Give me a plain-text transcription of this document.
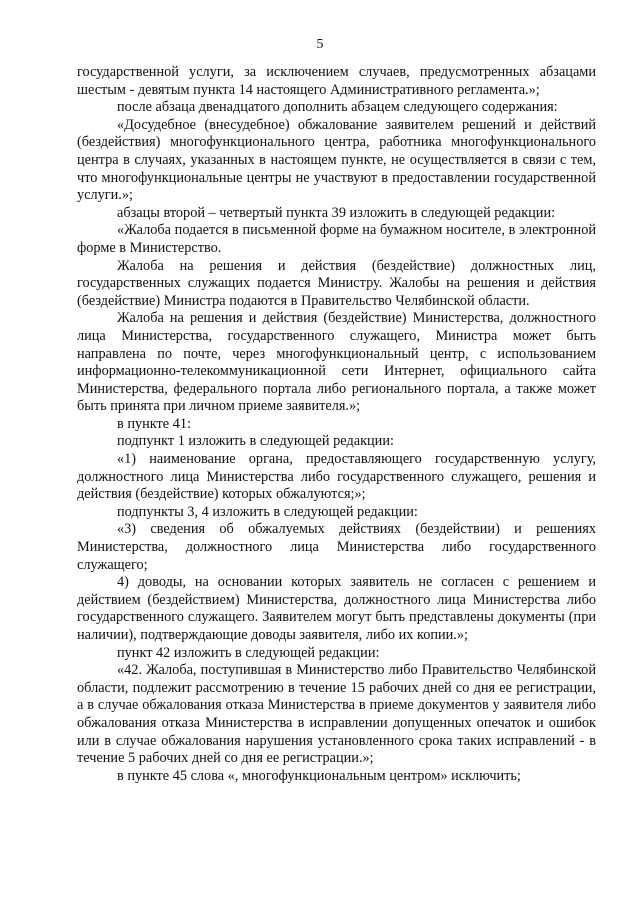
5

государственной услуги, за исключением случаев, предусмотренных абзацами шестым - девятым пункта 14 настоящего Административного регламента.»;

после абзаца двенадцатого дополнить абзацем следующего содержания:

«Досудебное (внесудебное) обжалование заявителем решений и действий (бездействия) многофункционального центра, работника многофункционального центра в случаях, указанных в настоящем пункте, не осуществляется в связи с тем, что многофункциональные центры не участвуют в предоставлении государственной услуги.»;

абзацы второй – четвертый пункта 39 изложить в следующей редакции:

«Жалоба подается в письменной форме на бумажном носителе, в электронной форме в Министерство.

Жалоба на решения и действия (бездействие) должностных лиц, государственных служащих подается Министру. Жалобы на решения и действия (бездействие) Министра подаются в Правительство Челябинской области.

Жалоба на решения и действия (бездействие) Министерства, должностного лица Министерства, государственного служащего, Министра может быть направлена по почте, через многофункциональный центр, с использованием информационно-телекоммуникационной сети Интернет, официального сайта Министерства, федерального портала либо регионального портала, а также может быть принята при личном приеме заявителя.»;

в пункте 41:

подпункт 1 изложить в следующей редакции:

«1) наименование органа, предоставляющего государственную услугу, должностного лица Министерства либо государственного служащего, решения и действия (бездействие) которых обжалуются;»;

подпункты 3, 4 изложить в следующей редакции:

«3) сведения об обжалуемых действиях (бездействии) и решениях Министерства, должностного лица Министерства либо государственного служащего;

4) доводы, на основании которых заявитель не согласен с решением и действием (бездействием) Министерства, должностного лица Министерства либо государственного служащего. Заявителем могут быть представлены документы (при наличии), подтверждающие доводы заявителя, либо их копии.»;

пункт 42 изложить в следующей редакции:

«42. Жалоба, поступившая в Министерство либо Правительство Челябинской области, подлежит рассмотрению в течение 15 рабочих дней со дня ее регистрации, а в случае обжалования отказа Министерства в приеме документов у заявителя либо обжалования отказа Министерства в исправлении допущенных опечаток и ошибок или в случае обжалования нарушения установленного срока таких исправлений - в течение 5 рабочих дней со дня ее регистрации.»;

в пункте 45 слова «, многофункциональным центром» исключить;
